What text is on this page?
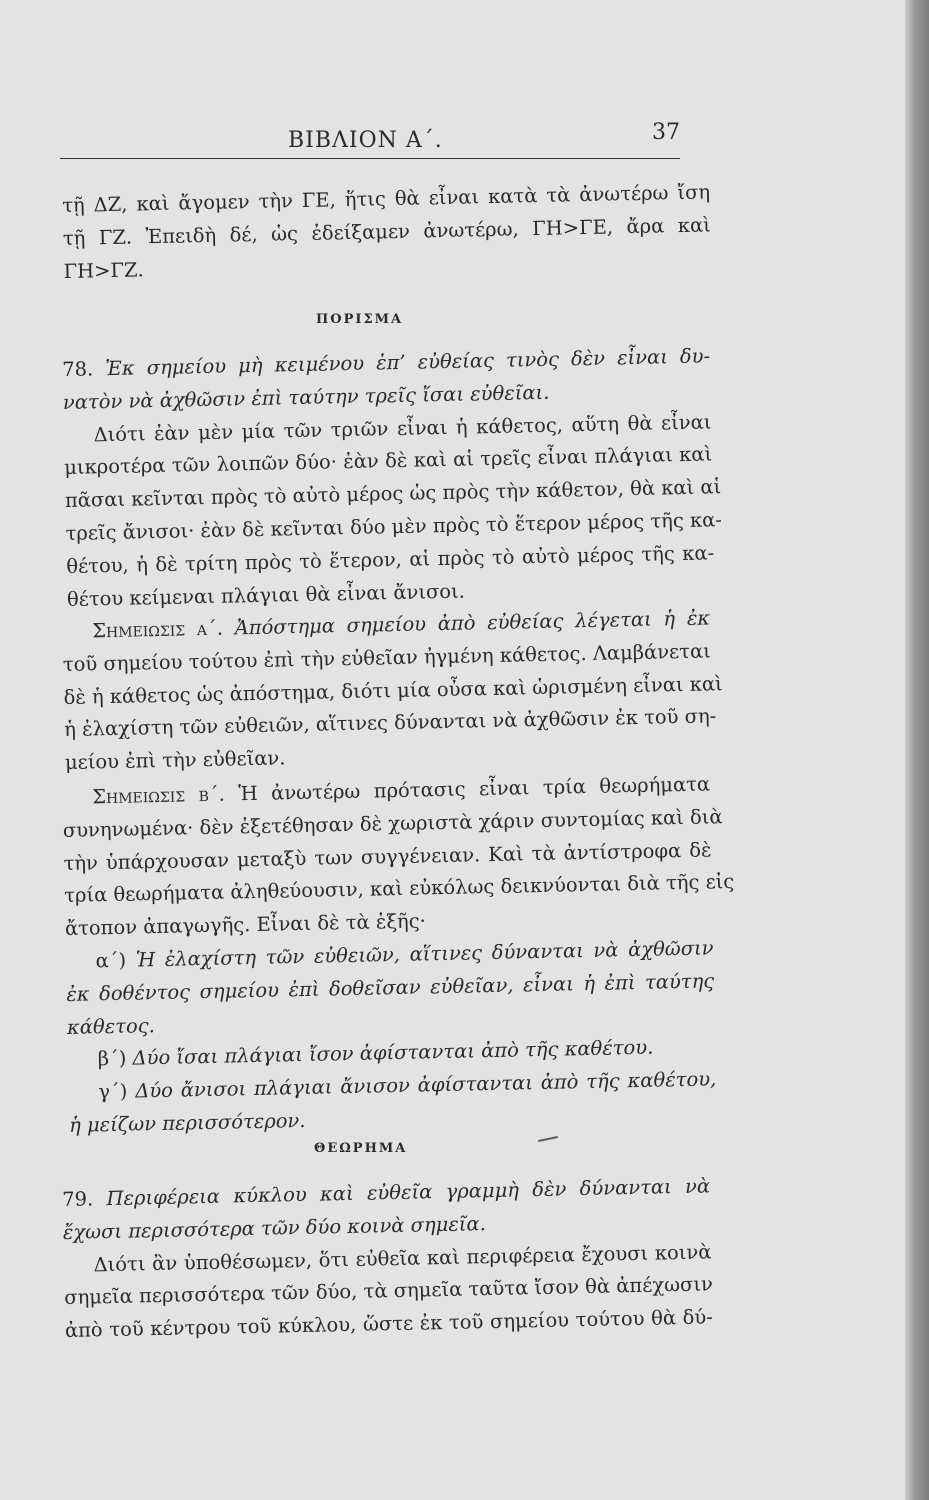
ΒΙΒΛΙΟΝ Α΄.	37
τῇ ΔΖ, καὶ ἄγομεν τὴν ΓΕ, ἥτις θὰ εἶναι κατὰ τὰ ἀνωτέρω ἴση
τῇ ΓΖ. Ἐπειδὴ δέ, ὡς ἐδείξαμεν ἀνωτέρω, ΓΗ>ΓΕ, ἄρα καὶ
ΓΗ>ΓΖ.
ΠΟΡΙΣΜΑ
78. Ἐκ σημείου μὴ κειμένου ἐπ’ εὐθείας τινὸς δὲν εἶναι δυ-
νατὸν νὰ ἀχθῶσιν ἐπὶ ταύτην τρεῖς ἴσαι εὐθεῖαι.
Διότι ἐὰν μὲν μία τῶν τριῶν εἶναι ἡ κάθετος, αὕτη θὰ εἶναι
μικροτέρα τῶν λοιπῶν δύο· ἐὰν δὲ καὶ αἱ τρεῖς εἶναι πλάγιαι καὶ
πᾶσαι κεῖνται πρὸς τὸ αὐτὸ μέρος ὡς πρὸς τὴν κάθετον, θὰ καὶ αἱ
τρεῖς ἄνισοι· ἐὰν δὲ κεῖνται δύο μὲν πρὸς τὸ ἕτερον μέρος τῆς κα-
θέτου, ἡ δὲ τρίτη πρὸς τὸ ἕτερον, αἱ πρὸς τὸ αὐτὸ μέρος τῆς κα-
θέτου κείμεναι πλάγιαι θὰ εἶναι ἄνισοι.
Σημειωσις α΄. Ἀπόστημα σημείου ἀπὸ εὐθείας λέγεται ἡ ἐκ
τοῦ σημείου τούτου ἐπὶ τὴν εὐθεῖαν ἠγμένη κάθετος. Λαμβάνεται
δὲ ἡ κάθετος ὡς ἀπόστημα, διότι μία οὖσα καὶ ὡρισμένη εἶναι καὶ
ἡ ἐλαχίστη τῶν εὐθειῶν, αἵτινες δύνανται νὰ ἀχθῶσιν ἐκ τοῦ ση-
μείου ἐπὶ τὴν εὐθεῖαν.
Σημειωσις β΄. Ἡ ἀνωτέρω πρότασις εἶναι τρία θεωρήματα
συνηνωμένα· δὲν ἐξετέθησαν δὲ χωριστὰ χάριν συντομίας καὶ διὰ
τὴν ὑπάρχουσαν μεταξὺ των συγγένειαν. Καὶ τὰ ἀντίστροφα δὲ
τρία θεωρήματα ἀληθεύουσιν, καὶ εὐκόλως δεικνύονται διὰ τῆς εἰς
ἄτοπον ἀπαγωγῆς. Εἶναι δὲ τὰ ἑξῆς·
α΄) Ἡ ἐλαχίστη τῶν εὐθειῶν, αἵτινες δύνανται νὰ ἀχθῶσιν
ἐκ δοθέντος σημείου ἐπὶ δοθεῖσαν εὐθεῖαν, εἶναι ἡ ἐπὶ ταύτης
κάθετος.
β΄) Δύο ἴσαι πλάγιαι ἴσον ἀφίστανται ἀπὸ τῆς καθέτου.
γ΄) Δύο ἄνισοι πλάγιαι ἄνισον ἀφίστανται ἀπὸ τῆς καθέτου,
ἡ μείζων περισσότερον.
ΘΕΩΡΗΜΑ
79. Περιφέρεια κύκλου καὶ εὐθεῖα γραμμὴ δὲν δύνανται νὰ
ἔχωσι περισσότερα τῶν δύο κοινὰ σημεῖα.
Διότι ἂν ὑποθέσωμεν, ὅτι εὐθεῖα καὶ περιφέρεια ἔχουσι κοινὰ
σημεῖα περισσότερα τῶν δύο, τὰ σημεῖα ταῦτα ἴσον θὰ ἀπέχωσιν
ἀπὸ τοῦ κέντρου τοῦ κύκλου, ὥστε ἐκ τοῦ σημείου τούτου θὰ δύ-
